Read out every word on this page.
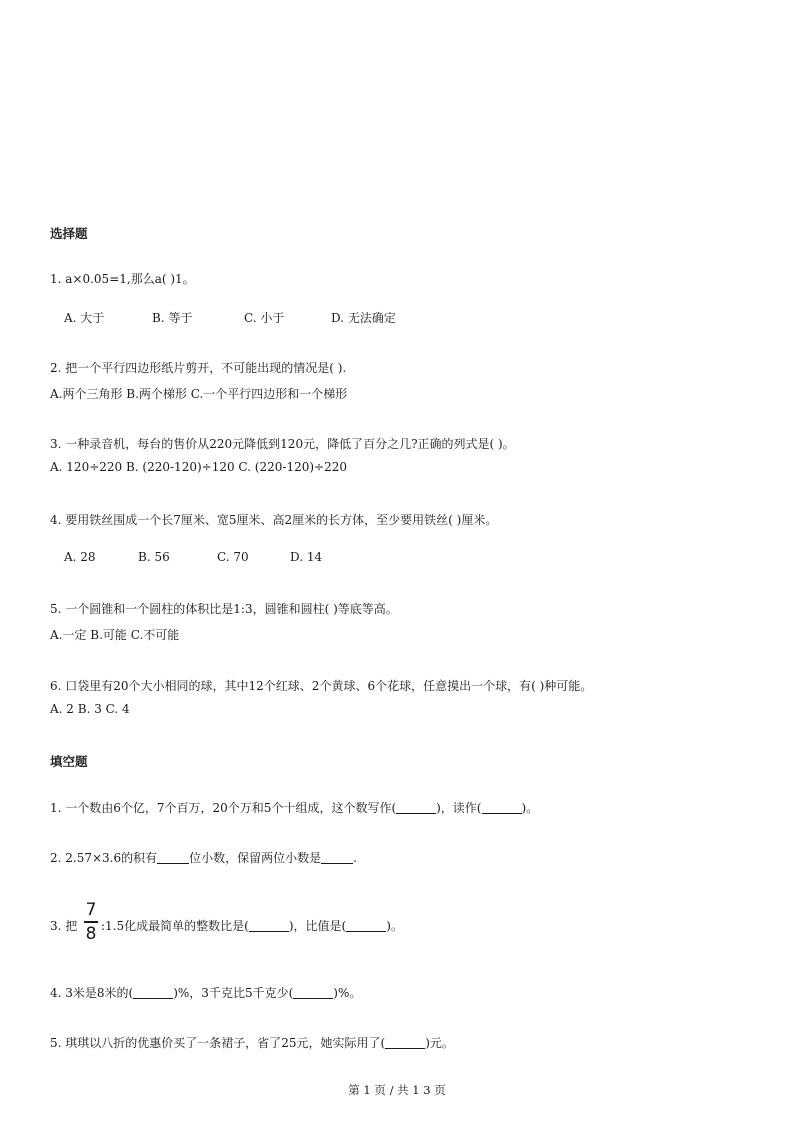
选择题
1. a×0.05=1,那么a( )1。
A. 大于	B. 等于	C. 小于	D. 无法确定
2. 把一个平行四边形纸片剪开，不可能出现的情况是( ).
A.两个三角形 B.两个梯形 C.一个平行四边形和一个梯形
3. 一种录音机，每台的售价从220元降低到120元，降低了百分之几?正确的列式是( )。
A. 120÷220 B. (220-120)÷120 C. (220-120)÷220
4. 要用铁丝围成一个长7厘米、宽5厘米、高2厘米的长方体，至少要用铁丝( )厘米。
A. 28	B. 56	C. 70	D. 14
5. 一个圆锥和一个圆柱的体积比是1:3，圆锥和圆柱( )等底等高。
A.一定 B.可能 C.不可能
6. 口袋里有20个大小相同的球，其中12个红球、2个黄球、6个花球，任意摸出一个球，有( )种可能。
A. 2 B. 3 C. 4
填空题
1. 一个数由6个亿，7个百万，20个万和5个十组成，这个数写作(	)，读作(	)。
2. 2.57×3.6的积有	位小数，保留两位小数是	.
3. 把
7
8 :1.5化成最简单的整数比是(	)，比值是(	)。
4. 3米是8米的(	)%，3千克比5千克少(	)%。
5. 琪琪以八折的优惠价买了一条裙子，省了25元，她实际用了(	)元。
第 1 页 / 共 1 3 页
